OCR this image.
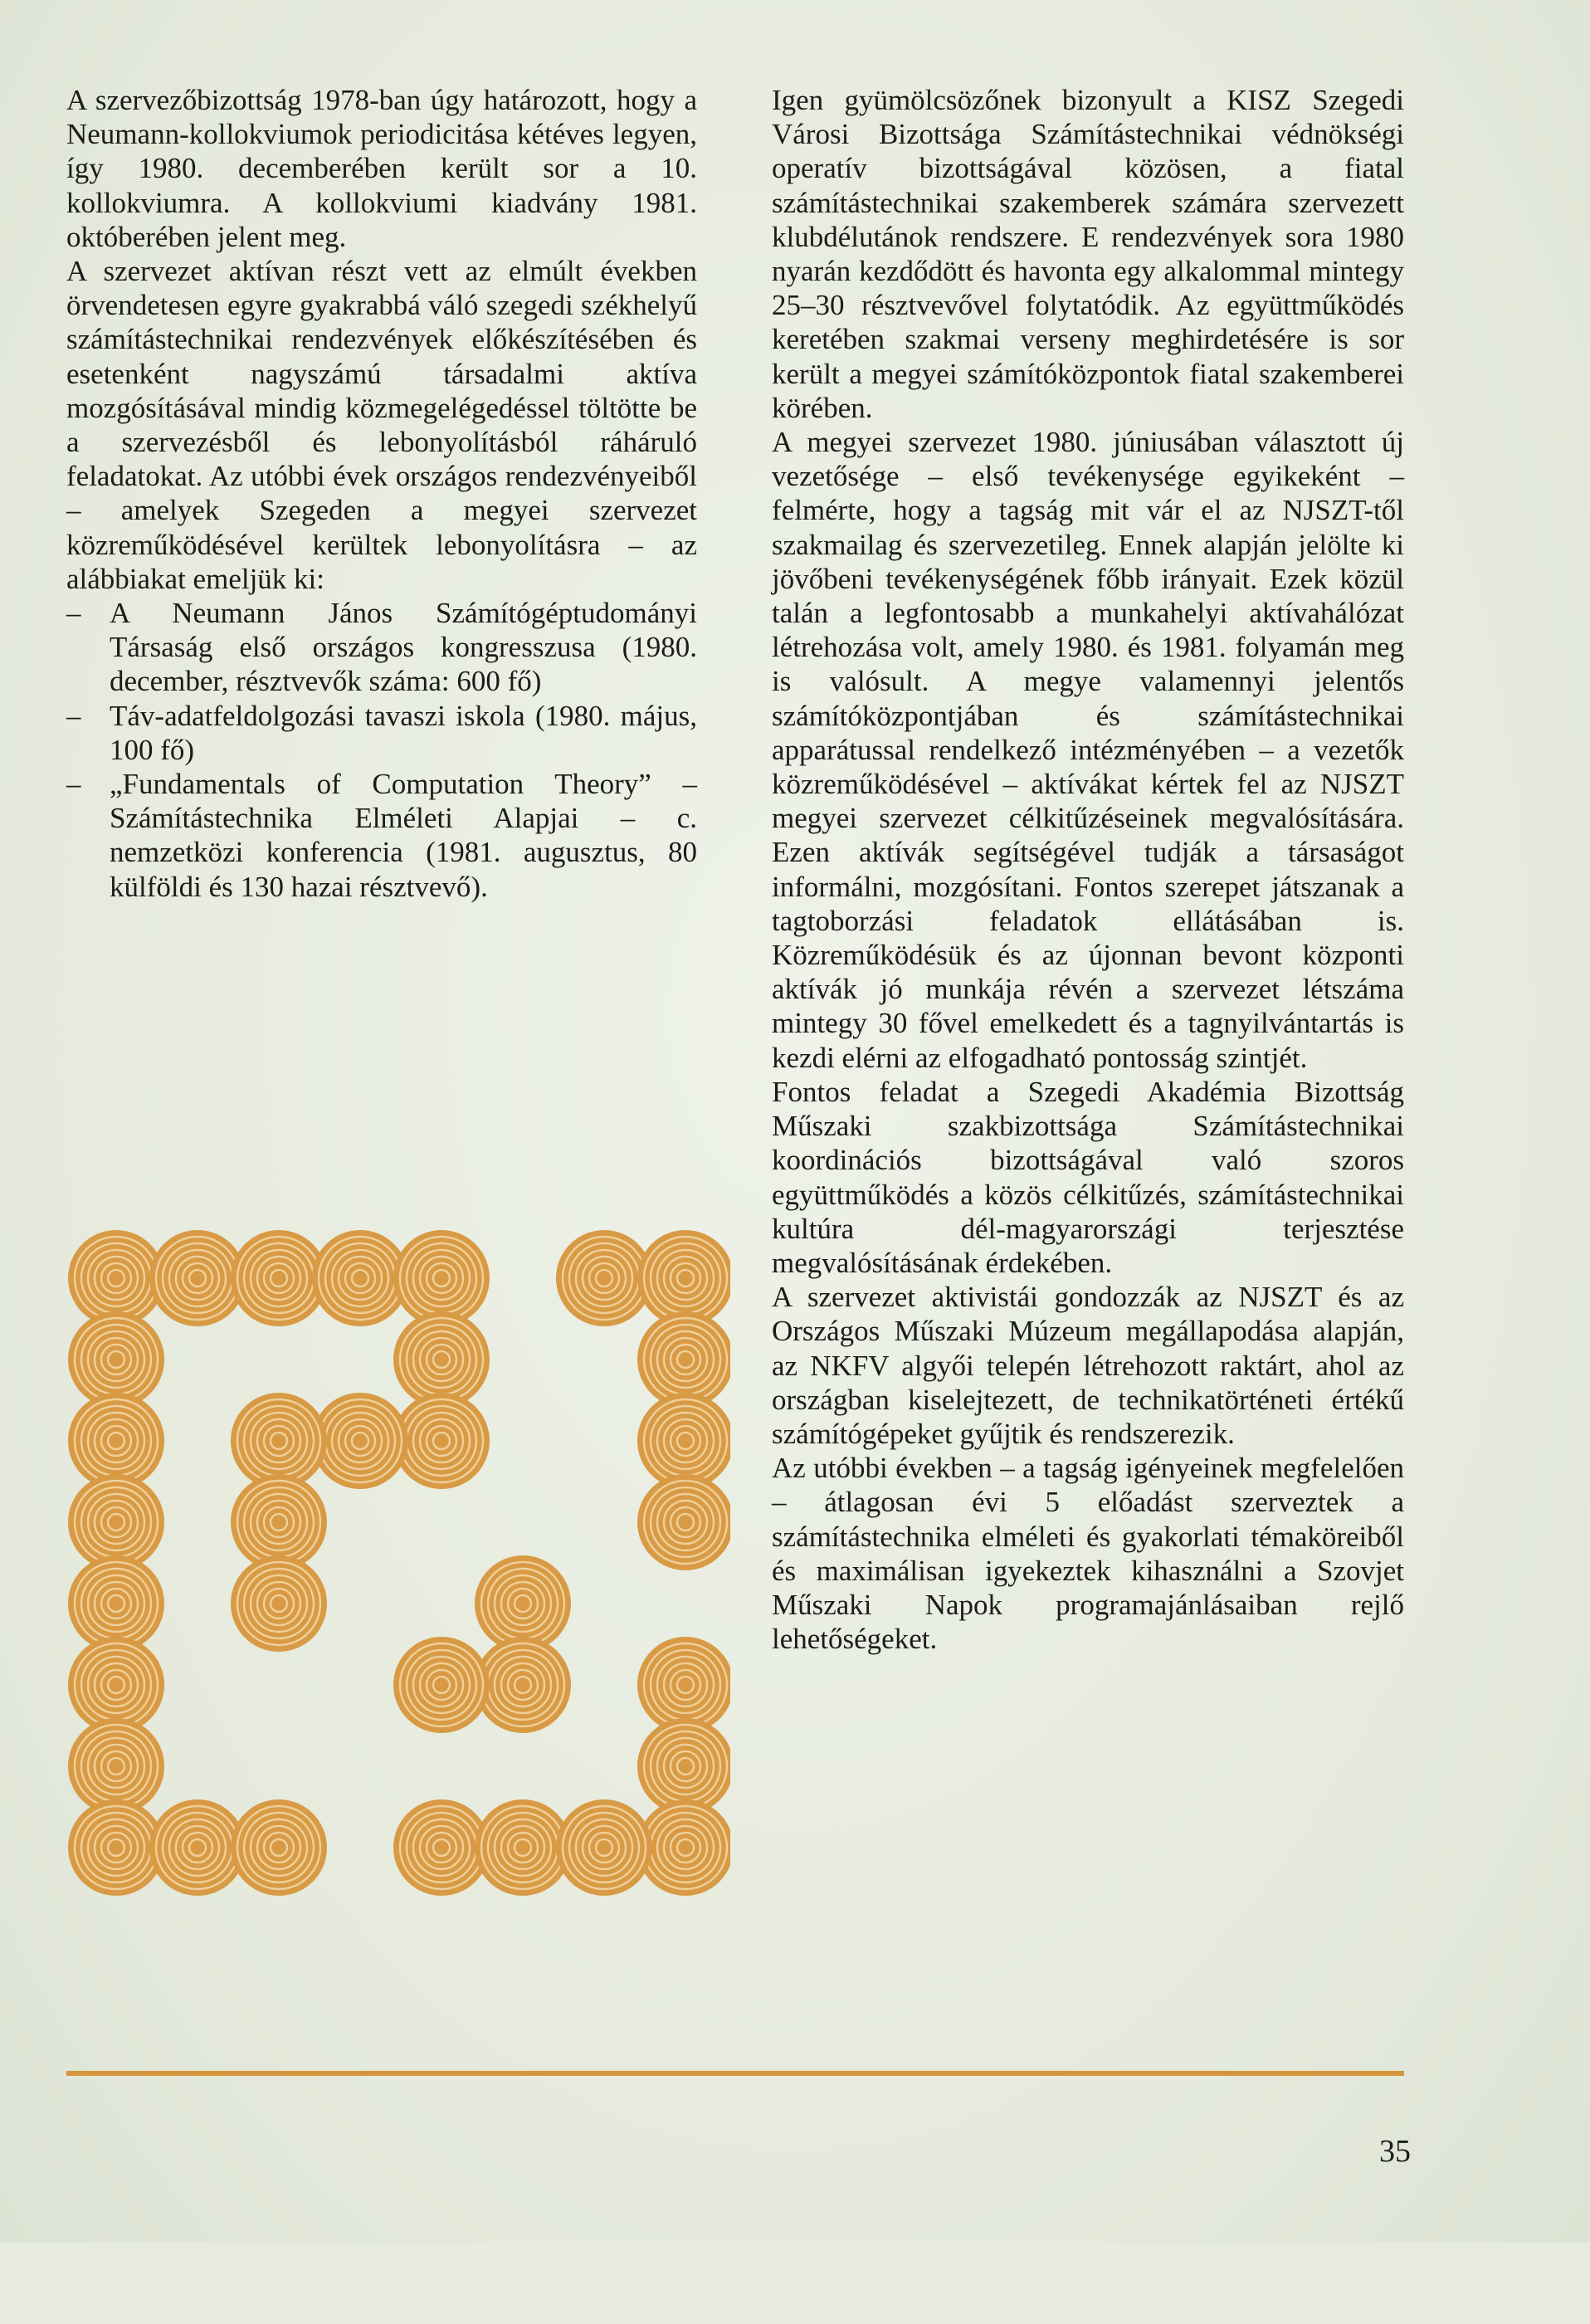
A szervezőbizottság 1978-ban úgy határozott, hogy a Neumann-kollokviumok periodicitása kétéves legyen, így 1980. decemberében került sor a 10. kollokviumra. A kollokviumi kiadvány 1981. októberében jelent meg.

A szervezet aktívan részt vett az elmúlt években örvendetesen egyre gyakrabbá váló szegedi székhelyű számítástechnikai rendezvények előkészítésében és esetenként nagyszámú társadalmi aktíva mozgósításával mindig közmegelégedéssel töltötte be a szervezésből és lebonyolításból ráháruló feladatokat. Az utóbbi évek országos rendezvényeiből – amelyek Szegeden a megyei szervezet közreműködésével kerültek lebonyolításra – az alábbiakat emeljük ki:

– A Neumann János Számítógéptudományi Társaság első országos kongresszusa (1980. december, résztvevők száma: 600 fő)
– Táv-adatfeldolgozási tavaszi iskola (1980. május, 100 fő)
– „Fundamentals of Computation Theory” – Számítástechnika Elméleti Alapjai – c. nemzetközi konferencia (1981. augusztus, 80 külföldi és 130 hazai résztvevő).

Igen gyümölcsözőnek bizonyult a KISZ Szegedi Városi Bizottsága Számítástechnikai védnökségi operatív bizottságával közösen, a fiatal számítástechnikai szakemberek számára szervezett klubdélutánok rendszere. E rendezvények sora 1980 nyarán kezdődött és havonta egy alkalommal mintegy 25–30 résztvevővel folytatódik. Az együttműködés keretében szakmai verseny meghirdetésére is sor került a megyei számítóközpontok fiatal szakemberei körében.

A megyei szervezet 1980. júniusában választott új vezetősége – első tevékenysége egyikeként – felmérte, hogy a tagság mit vár el az NJSZT-től szakmailag és szervezetileg. Ennek alapján jelölte ki jövőbeni tevékenységének főbb irányait. Ezek közül talán a legfontosabb a munkahelyi aktívahálózat létrehozása volt, amely 1980. és 1981. folyamán meg is valósult. A megye valamennyi jelentős számítóközpontjában és számítástechnikai apparátussal rendelkező intézményében – a vezetők közreműködésével – aktívákat kértek fel az NJSZT megyei szervezet célkitűzéseinek megvalósítására. Ezen aktívák segítségével tudják a társaságot informálni, mozgósítani. Fontos szerepet játszanak a tagtoborzási feladatok ellátásában is. Közreműködésük és az újonnan bevont központi aktívák jó munkája révén a szervezet létszáma mintegy 30 fővel emelkedett és a tagnyilvántartás is kezdi elérni az elfogadható pontosság szintjét.

Fontos feladat a Szegedi Akadémia Bizottság Műszaki szakbizottsága Számítástechnikai koordinációs bizottságával való szoros együttműködés a közös célkitűzés, számítástechnikai kultúra dél-magyarországi terjesztése megvalósításának érdekében.

A szervezet aktivistái gondozzák az NJSZT és az Országos Műszaki Múzeum megállapodása alapján, az NKFV algyői telepén létrehozott raktárt, ahol az országban kiselejtezett, de technikatörténeti értékű számítógépeket gyűjtik és rendszerezik.

Az utóbbi években – a tagság igényeinek megfelelően – átlagosan évi 5 előadást szerveztek a számítástechnika elméleti és gyakorlati témaköreiből és maximálisan igyekeztek kihasználni a Szovjet Műszaki Napok programajánlásaiban rejlő lehetőségeket.

35
